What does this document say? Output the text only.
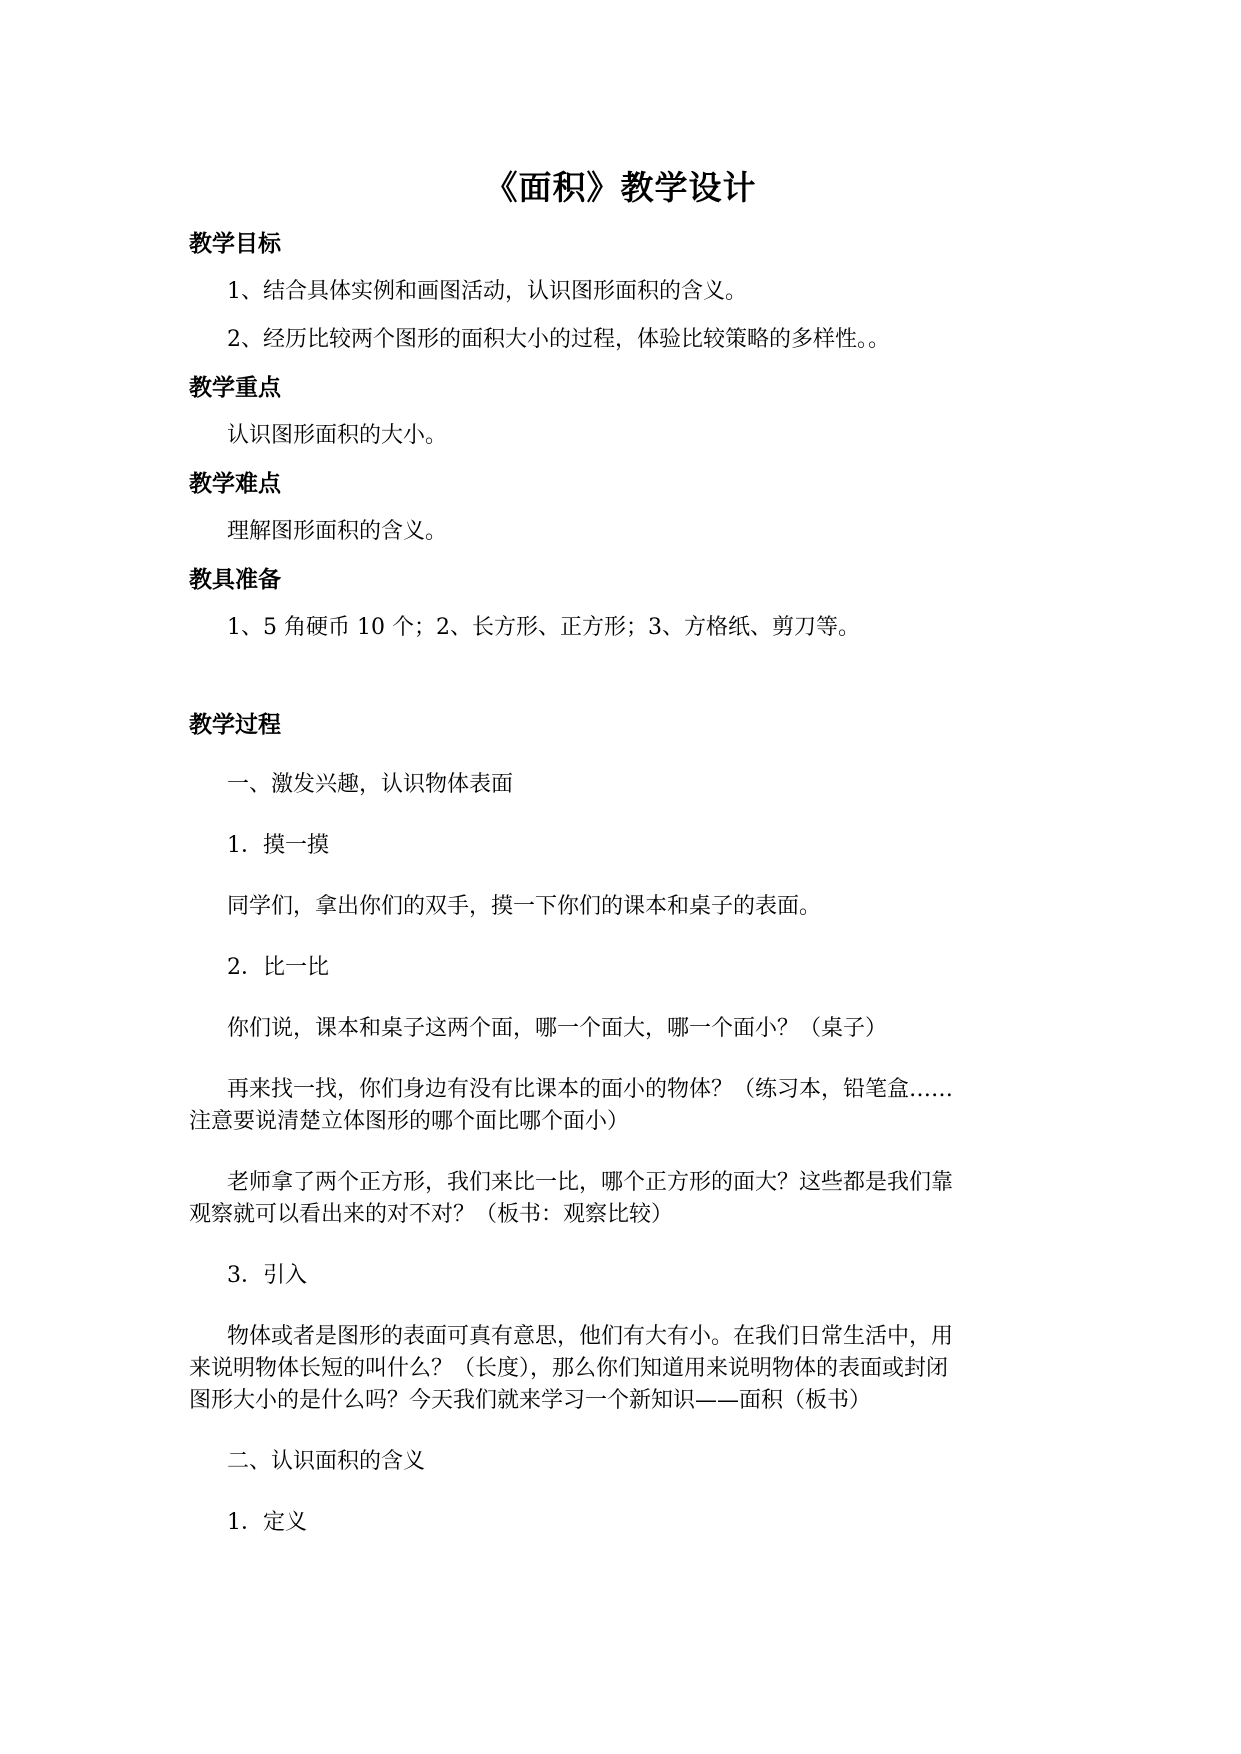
《面积》教学设计
教学目标
1、结合具体实例和画图活动，认识图形面积的含义。
2、经历比较两个图形的面积大小的过程，体验比较策略的多样性。。
教学重点
认识图形面积的大小。
教学难点
理解图形面积的含义。
教具准备
1、5 角硬币 10 个；2、长方形、正方形；3、方格纸、剪刀等。
教学过程
一、激发兴趣，认识物体表面
1．摸一摸
同学们，拿出你们的双手，摸一下你们的课本和桌子的表面。
2．比一比
你们说，课本和桌子这两个面，哪一个面大，哪一个面小？（桌子）
再来找一找，你们身边有没有比课本的面小的物体？（练习本，铅笔盒……
注意要说清楚立体图形的哪个面比哪个面小）
老师拿了两个正方形，我们来比一比，哪个正方形的面大？这些都是我们靠
观察就可以看出来的对不对？（板书：观察比较）
3．引入
物体或者是图形的表面可真有意思，他们有大有小。在我们日常生活中，用
来说明物体长短的叫什么？（长度），那么你们知道用来说明物体的表面或封闭
图形大小的是什么吗？今天我们就来学习一个新知识——面积（板书）
二、认识面积的含义
1．定义
